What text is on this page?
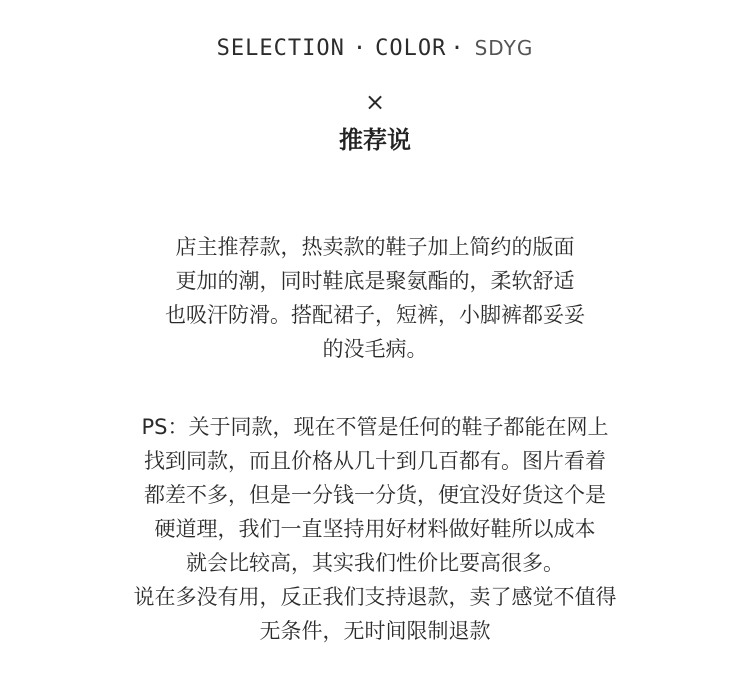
SELECTION · COLOR · SDYG
×
推荐说
店主推荐款，热卖款的鞋子加上简约的版面
更加的潮，同时鞋底是聚氨酯的，柔软舒适
也吸汗防滑。搭配裙子，短裤，小脚裤都妥妥
的没毛病。
PS：关于同款，现在不管是任何的鞋子都能在网上
找到同款，而且价格从几十到几百都有。图片看着
都差不多，但是一分钱一分货，便宜没好货这个是
硬道理，我们一直坚持用好材料做好鞋所以成本
就会比较高，其实我们性价比要高很多。
说在多没有用，反正我们支持退款，卖了感觉不值得
无条件，无时间限制退款
